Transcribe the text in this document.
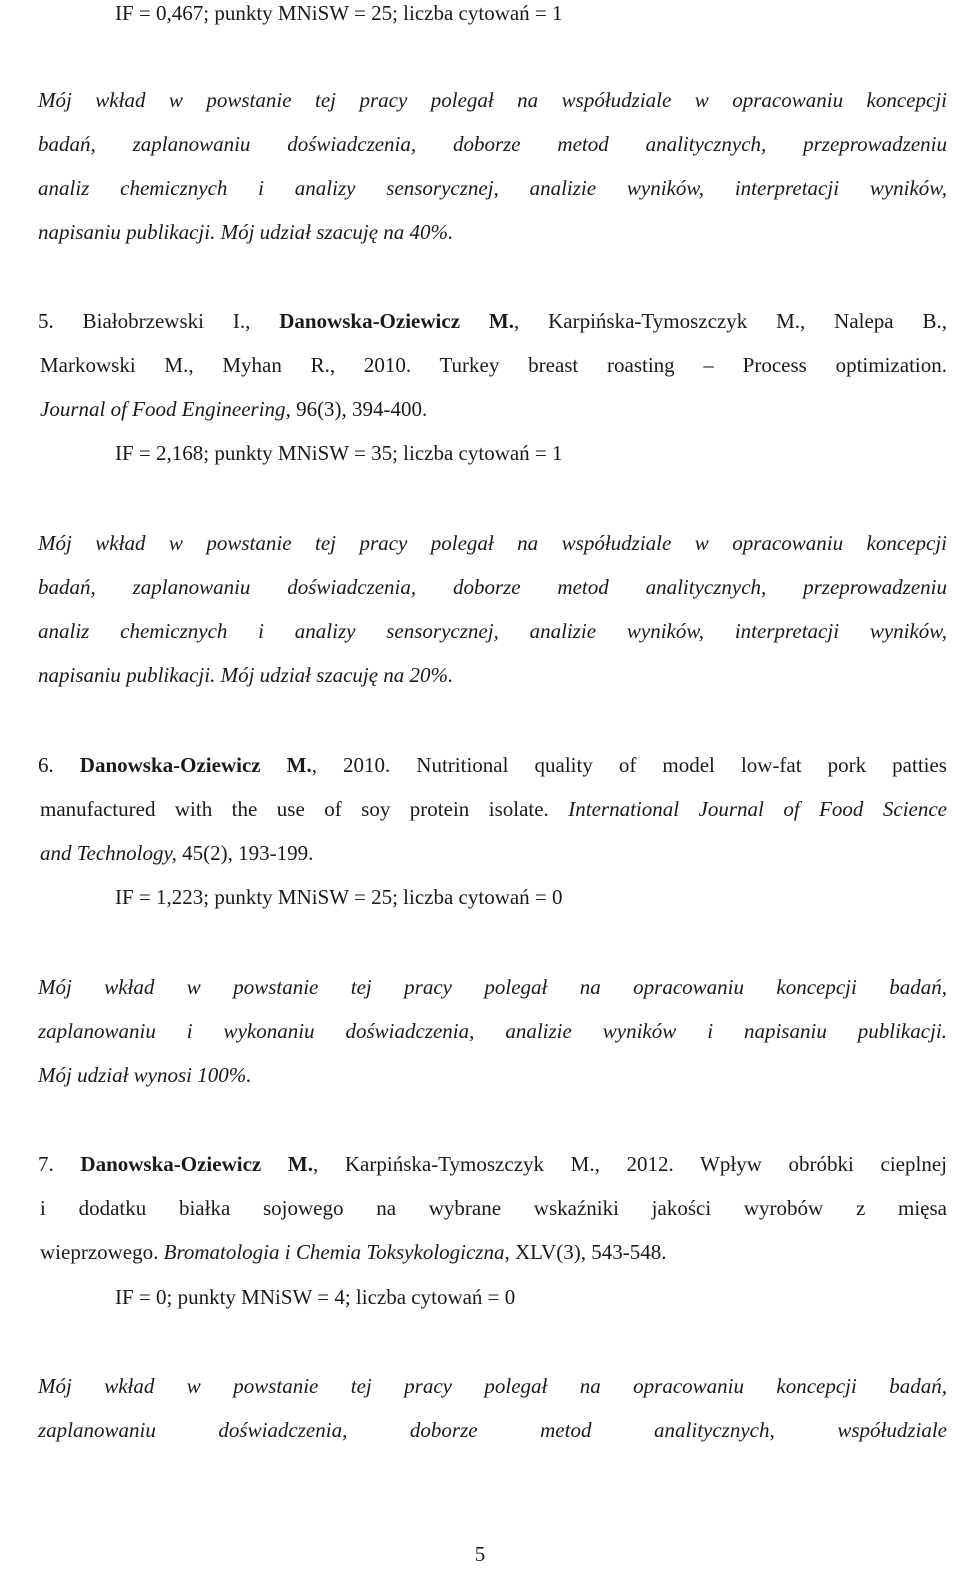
IF = 0,467; punkty MNiSW = 25; liczba cytowań = 1
Mój wkład w powstanie tej pracy polegał na współudziale w opracowaniu koncepcji
badań, zaplanowaniu doświadczenia, doborze metod analitycznych, przeprowadzeniu
analiz chemicznych i analizy sensorycznej, analizie wyników, interpretacji wyników,
napisaniu publikacji. Mój udział szacuję na 40%.
5. Białobrzewski I., Danowska-Oziewicz M., Karpińska-Tymoszczyk M., Nalepa B.,
Markowski M., Myhan R., 2010. Turkey breast roasting – Process optimization.
Journal of Food Engineering, 96(3), 394-400.
IF = 2,168; punkty MNiSW = 35; liczba cytowań = 1
Mój wkład w powstanie tej pracy polegał na współudziale w opracowaniu koncepcji
badań, zaplanowaniu doświadczenia, doborze metod analitycznych, przeprowadzeniu
analiz chemicznych i analizy sensorycznej, analizie wyników, interpretacji wyników,
napisaniu publikacji. Mój udział szacuję na 20%.
6. Danowska-Oziewicz M., 2010. Nutritional quality of model low-fat pork patties
manufactured with the use of soy protein isolate. International Journal of Food Science
and Technology, 45(2), 193-199.
IF = 1,223; punkty MNiSW = 25; liczba cytowań = 0
Mój wkład w powstanie tej pracy polegał na opracowaniu koncepcji badań,
zaplanowaniu i wykonaniu doświadczenia, analizie wyników i napisaniu publikacji.
Mój udział wynosi 100%.
7. Danowska-Oziewicz M., Karpińska-Tymoszczyk M., 2012. Wpływ obróbki cieplnej
i dodatku białka sojowego na wybrane wskaźniki jakości wyrobów z mięsa
wieprzowego. Bromatologia i Chemia Toksykologiczna, XLV(3), 543-548.
IF = 0; punkty MNiSW = 4; liczba cytowań = 0
Mój wkład w powstanie tej pracy polegał na opracowaniu koncepcji badań,
zaplanowaniu doświadczenia, doborze metod analitycznych, współudziale
5
